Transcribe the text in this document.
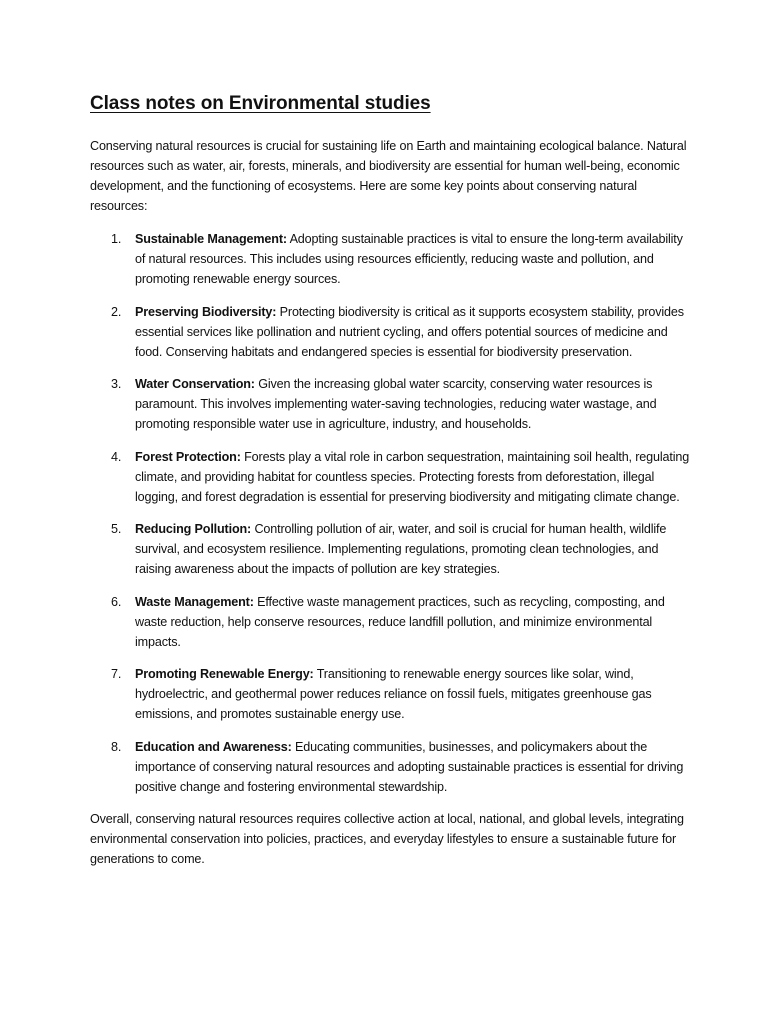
Class notes on Environmental studies

Conserving natural resources is crucial for sustaining life on Earth and maintaining ecological balance. Natural resources such as water, air, forests, minerals, and biodiversity are essential for human well-being, economic development, and the functioning of ecosystems. Here are some key points about conserving natural resources:

1. Sustainable Management: Adopting sustainable practices is vital to ensure the long-term availability of natural resources. This includes using resources efficiently, reducing waste and pollution, and promoting renewable energy sources.
2. Preserving Biodiversity: Protecting biodiversity is critical as it supports ecosystem stability, provides essential services like pollination and nutrient cycling, and offers potential sources of medicine and food. Conserving habitats and endangered species is essential for biodiversity preservation.
3. Water Conservation: Given the increasing global water scarcity, conserving water resources is paramount. This involves implementing water-saving technologies, reducing water wastage, and promoting responsible water use in agriculture, industry, and households.
4. Forest Protection: Forests play a vital role in carbon sequestration, maintaining soil health, regulating climate, and providing habitat for countless species. Protecting forests from deforestation, illegal logging, and forest degradation is essential for preserving biodiversity and mitigating climate change.
5. Reducing Pollution: Controlling pollution of air, water, and soil is crucial for human health, wildlife survival, and ecosystem resilience. Implementing regulations, promoting clean technologies, and raising awareness about the impacts of pollution are key strategies.
6. Waste Management: Effective waste management practices, such as recycling, composting, and waste reduction, help conserve resources, reduce landfill pollution, and minimize environmental impacts.
7. Promoting Renewable Energy: Transitioning to renewable energy sources like solar, wind, hydroelectric, and geothermal power reduces reliance on fossil fuels, mitigates greenhouse gas emissions, and promotes sustainable energy use.
8. Education and Awareness: Educating communities, businesses, and policymakers about the importance of conserving natural resources and adopting sustainable practices is essential for driving positive change and fostering environmental stewardship.

Overall, conserving natural resources requires collective action at local, national, and global levels, integrating environmental conservation into policies, practices, and everyday lifestyles to ensure a sustainable future for generations to come.
